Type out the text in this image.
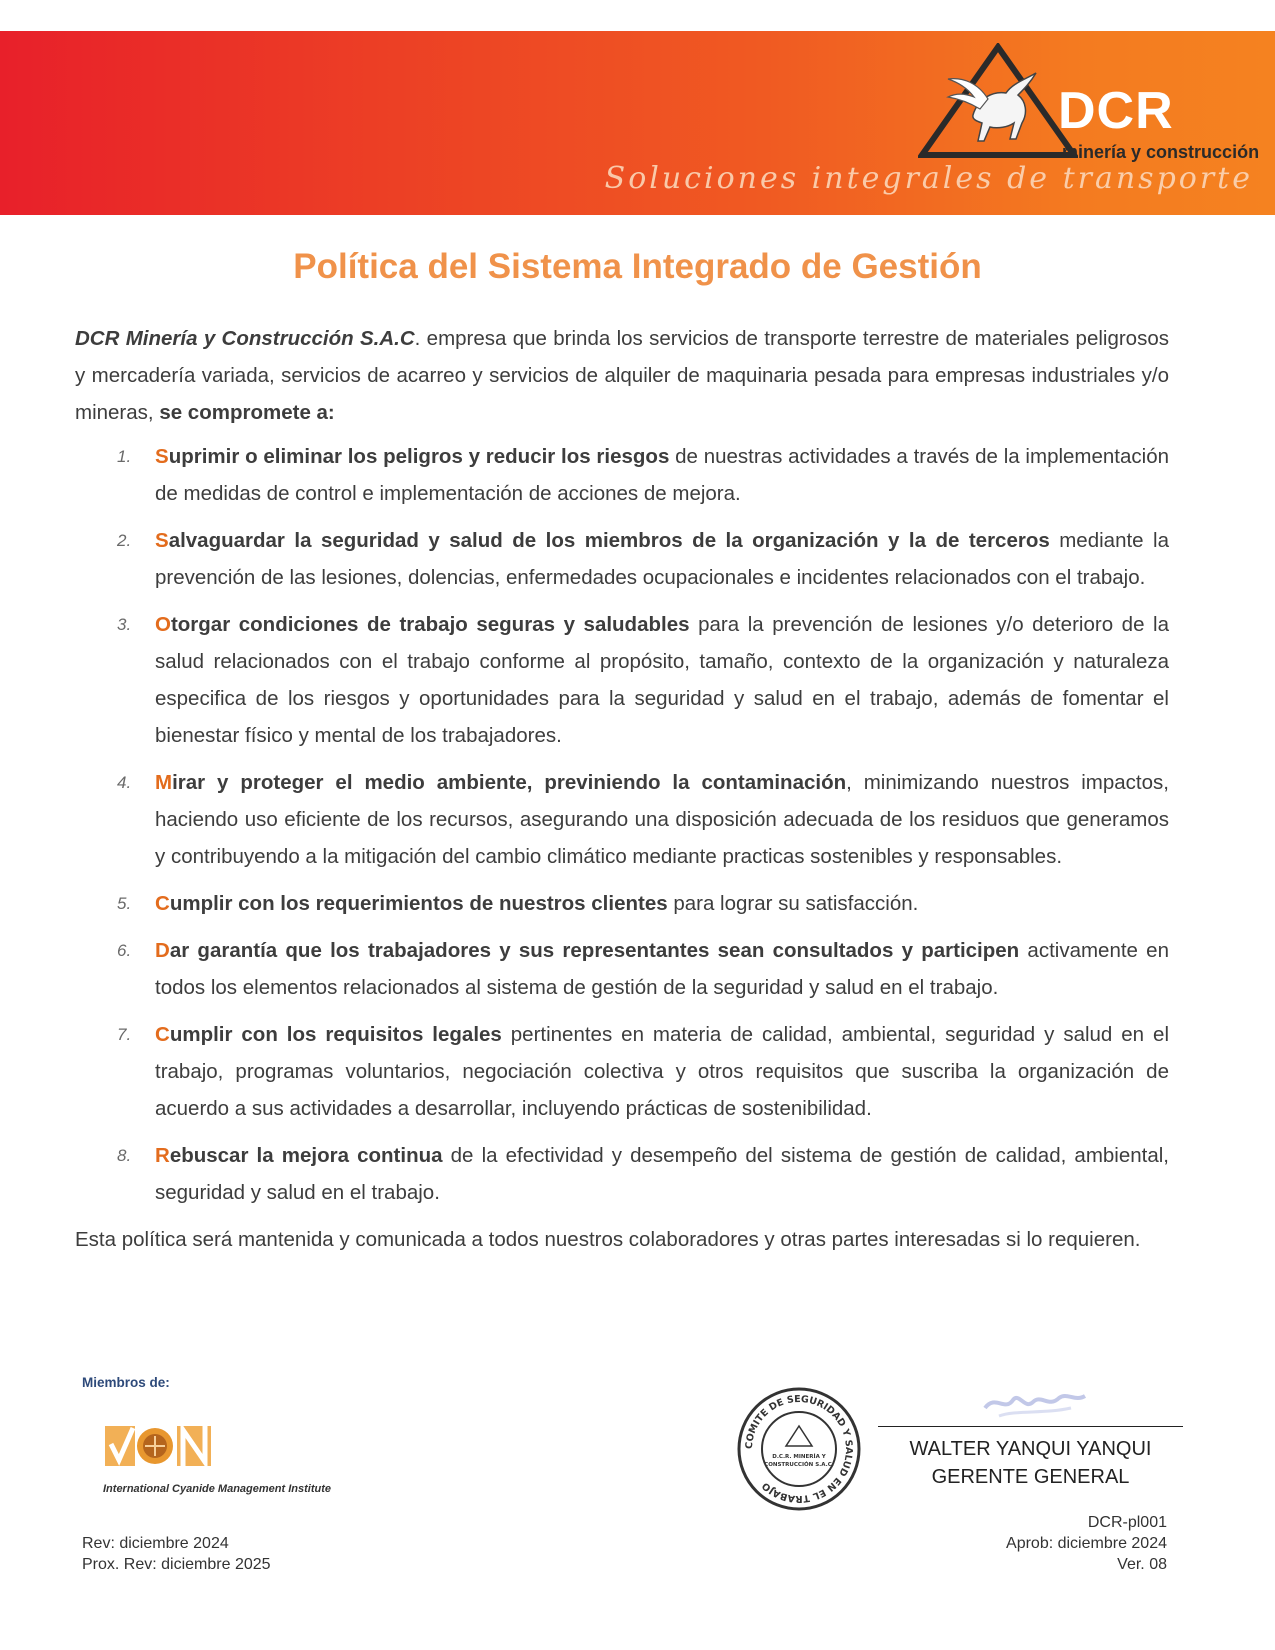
DCR
minería y construcción
Soluciones integrales de transporte
Política del Sistema Integrado de Gestión

DCR Minería y Construcción S.A.C. empresa que brinda los servicios de transporte terrestre de materiales peligrosos y mercadería variada, servicios de acarreo y servicios de alquiler de maquinaria pesada para empresas industriales y/o mineras, se compromete a:

1.	Suprimir o eliminar los peligros y reducir los riesgos de nuestras actividades a través de la implementación de medidas de control e implementación de acciones de mejora.
2.	Salvaguardar la seguridad y salud de los miembros de la organización y la de terceros mediante la prevención de las lesiones, dolencias, enfermedades ocupacionales e incidentes relacionados con el trabajo.
3.	Otorgar condiciones de trabajo seguras y saludables para la prevención de lesiones y/o deterioro de la salud relacionados con el trabajo conforme al propósito, tamaño, contexto de la organización y naturaleza especifica de los riesgos y oportunidades para la seguridad y salud en el trabajo, además de fomentar el bienestar físico y mental de los trabajadores.
4.	Mirar y proteger el medio ambiente, previniendo la contaminación, minimizando nuestros impactos, haciendo uso eficiente de los recursos, asegurando una disposición adecuada de los residuos que generamos y contribuyendo a la mitigación del cambio climático mediante practicas sostenibles y responsables.
5.	Cumplir con los requerimientos de nuestros clientes para lograr su satisfacción.
6.	Dar garantía que los trabajadores y sus representantes sean consultados y participen activamente en todos los elementos relacionados al sistema de gestión de la seguridad y salud en el trabajo.
7.	Cumplir con los requisitos legales pertinentes en materia de calidad, ambiental, seguridad y salud en el trabajo, programas voluntarios, negociación colectiva y otros requisitos que suscriba la organización de acuerdo a sus actividades a desarrollar, incluyendo prácticas de sostenibilidad.
8.	Rebuscar la mejora continua de la efectividad y desempeño del sistema de gestión de calidad, ambiental, seguridad y salud en el trabajo.

Esta política será mantenida y comunicada a todos nuestros colaboradores y otras partes interesadas si lo requieren.

Miembros de:
International Cyanide Management Institute
COMITE DE SEGURIDAD Y SALUD EN EL TRABAJO
D.C.R. MINERÍA Y
CONSTRUCCIÓN S.A.C.
WALTER YANQUI YANQUI
GERENTE GENERAL
Rev: diciembre 2024
Prox. Rev: diciembre 2025
DCR-pl001
Aprob: diciembre 2024
Ver. 08
